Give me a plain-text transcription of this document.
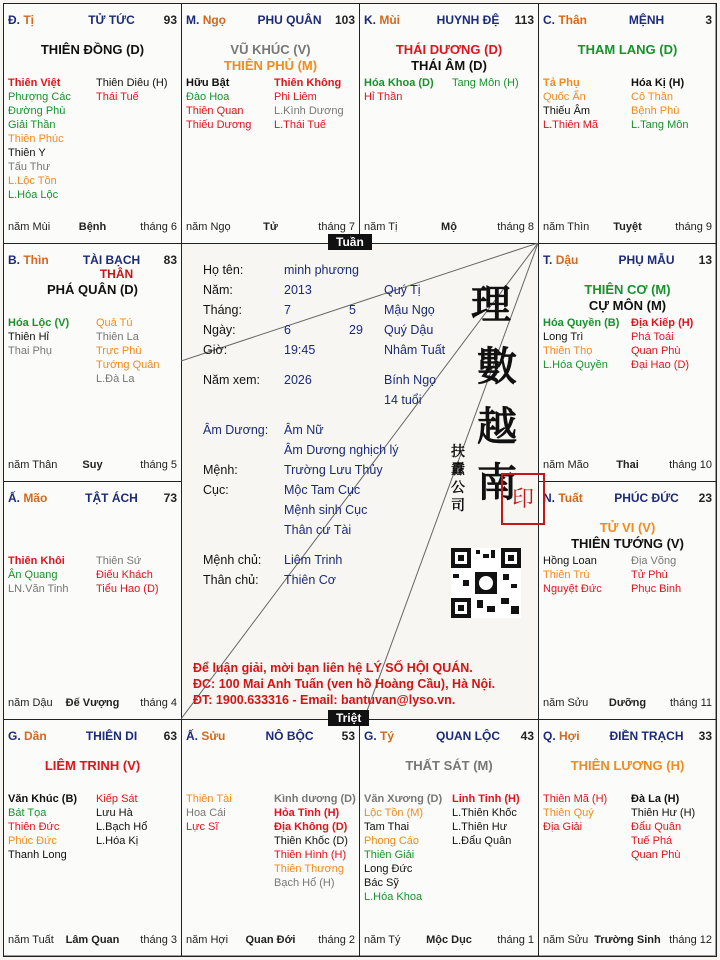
Đ. Tị	TỬ TỨC	93
THIÊN ĐỒNG (D)
Thiên Việt
Phượng Các
Đường Phù
Giải Thần
Thiên Phúc
Thiên Y
Tấu Thư
L.Lộc Tồn
L.Hóa Lộc
Thiên Diêu (H)
Thái Tuế
năm Mùi	Bệnh	tháng 6
M. Ngọ	PHU QUÂN	103
VŨ KHÚC (V)
THIÊN PHỦ (M)
Hữu Bật
Đào Hoa
Thiên Quan
Thiếu Dương
Thiên Không
Phi Liêm
L.Kình Dương
L.Thái Tuế
năm Ngọ	Tử	tháng 7
K. Mùi	HUYNH ĐỆ	113
THÁI DƯƠNG (D)
THÁI ÂM (D)
Hóa Khoa (D)
Hỉ Thần
Tang Môn (H)
năm Tị	Mộ	tháng 8
C. Thân	MỆNH	3
THAM LANG (D)
Tả Phụ
Quốc Ấn
Thiếu Âm
L.Thiên Mã
Hóa Kị (H)
Cô Thần
Bệnh Phù
L.Tang Môn
năm Thìn	Tuyệt	tháng 9
B. Thìn	TÀI BẠCH THÂN
83
PHÁ QUÂN (D)
Hóa Lộc (V)
Thiên Hỉ
Thai Phụ
Quả Tú
Thiên La
Trực Phù
Tướng Quân
L.Đà La
năm Thân	Suy	tháng 5
T. Dậu	PHỤ MẪU	13
THIÊN CƠ (M)
CỰ MÔN (M)
Hóa Quyền (B)
Long Trì
Thiên Thọ
L.Hóa Quyền
Địa Kiếp (H)
Phá Toái
Quan Phù
Đại Hao (D)
năm Mão	Thai	tháng 10
Ấ. Mão	TẬT ÁCH	73
Thiên Khôi
Ân Quang
LN.Văn Tinh
Thiên Sứ
Điếu Khách
Tiểu Hao (D)
năm Dậu	Đế Vượng	tháng 4
N. Tuất	PHÚC ĐỨC	23
TỬ VI (V)
THIÊN TƯỚNG (V)
Hồng Loan
Thiên Trù
Nguyệt Đức
Địa Võng
Tử Phù
Phục Binh
năm Sửu	Dưỡng	tháng 11
G. Dần	THIÊN DI	63
LIÊM TRINH (V)
Văn Khúc (B)
Bát Tọa
Thiên Đức
Phúc Đức
Thanh Long
Kiếp Sát
Lưu Hà
L.Bạch Hổ
L.Hóa Kị
năm Tuất	Lâm Quan	tháng 3
Ấ. Sửu	NÔ BỘC	53
Thiên Tài
Hoa Cái
Lực Sĩ
Kình dương (D)
Hỏa Tinh (H)
Địa Không (D)
Thiên Khốc (D)
Thiên Hình (H)
Thiên Thương
Bạch Hổ (H)
năm Hợi	Quan Đới	tháng 2
G. Tý	QUAN LỘC	43
THẤT SÁT (M)
Văn Xương (D)
Lộc Tồn (M)
Tam Thai
Phong Cáo
Thiên Giải
Long Đức
Bác Sỹ
L.Hóa Khoa
Linh Tinh (H)
L.Thiên Khốc
L.Thiên Hư
L.Đẩu Quân
năm Tý	Mộc Dục	tháng 1
Q. Hợi	ĐIỀN TRẠCH	33
THIÊN LƯƠNG (H)
Thiên Mã (H)
Thiên Quý
Địa Giải
Đà La (H)
Thiên Hư (H)
Đẩu Quân
Tuế Phá
Quan Phù
năm Sửu Trường Sinh tháng 12
Họ tên:	minh phương
Năm:	2013	Quý Tị
Tháng:	7	5 Mậu Ngọ
Ngày:	6	29 Quý Dậu
Giờ:	19:45	Nhâm Tuất
Năm xem: 2026	Bính Ngọ
14 tuổi
Âm Dương: Âm Nữ
Âm Dương nghịch lý
Mệnh:	Trường Lưu Thủy
Cục:	Mộc Tam Cục
Mệnh sinh Cục
Thân cư Tài
Mệnh chủ: Liêm Trinh
Thân chủ: Thiên Cơ
理
數
越
南
扶
纛
公
司	印
Để luận giải, mời bạn liên hệ LÝ SỐ HỘI QUÁN.
ĐC: 100 Mai Anh Tuấn (ven hồ Hoàng Cầu), Hà Nội.
ĐT: 1900.633316 - Email: bantuvan@lyso.vn.
Tuần
Triệt
